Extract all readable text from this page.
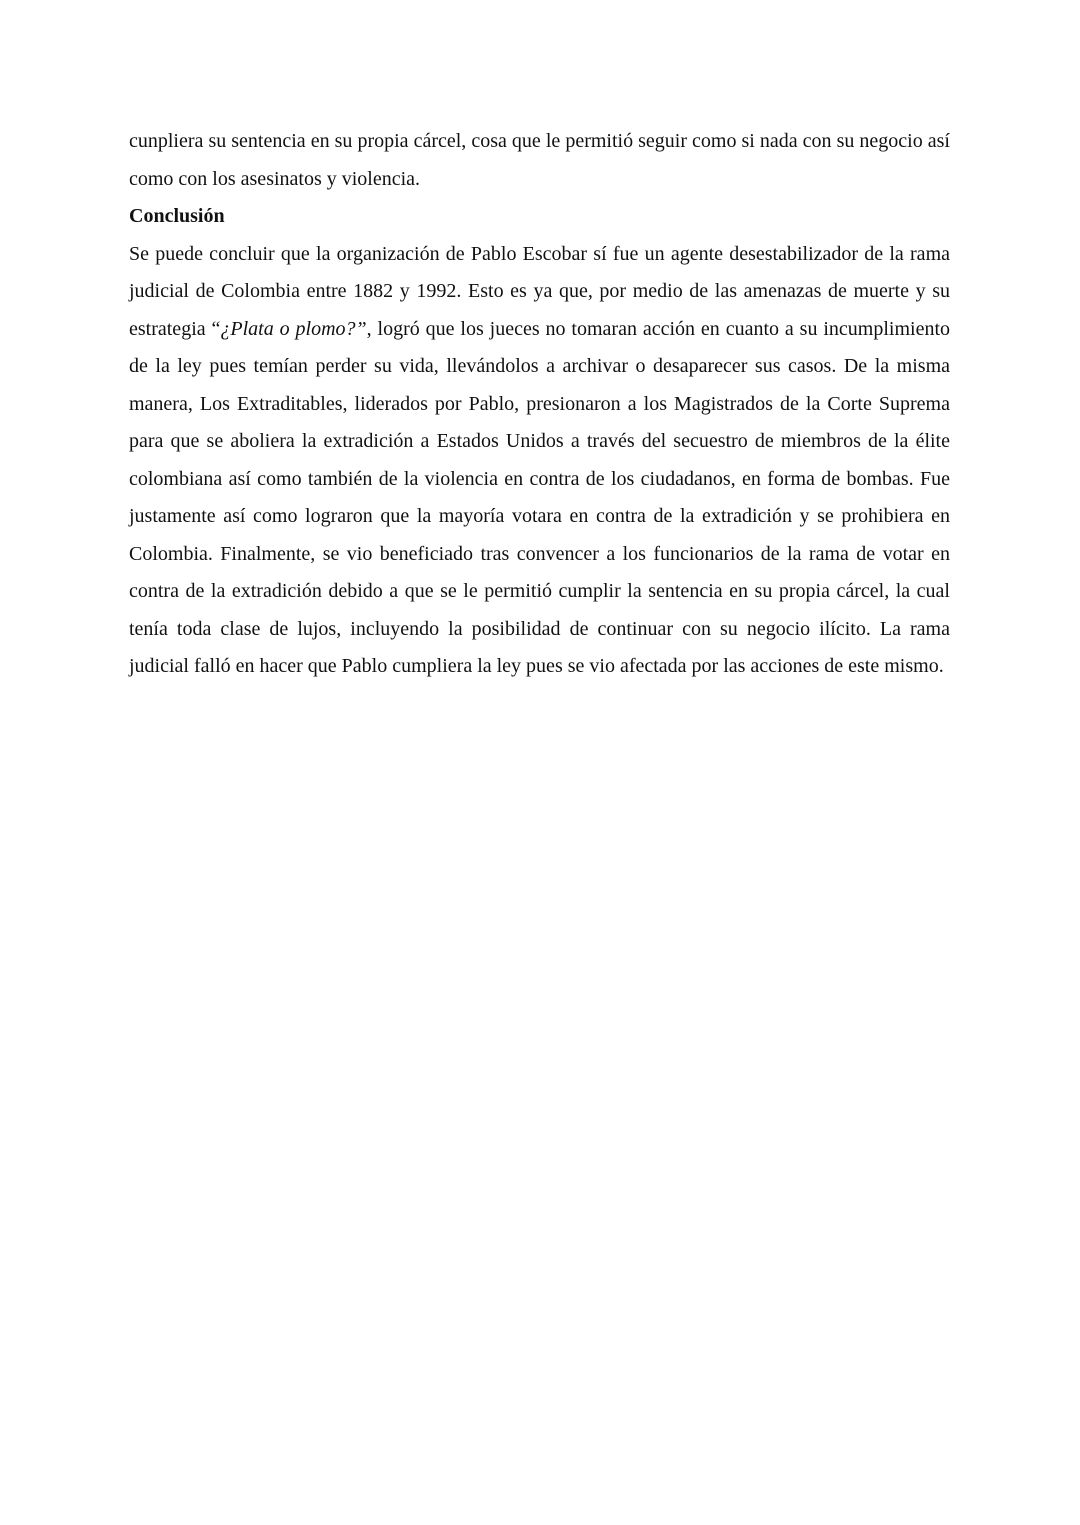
cunpliera su sentencia en su propia cárcel, cosa que le permitió seguir como si nada con su negocio así como con los asesinatos y violencia.

Conclusión

Se puede concluir que la organización de Pablo Escobar sí fue un agente desestabilizador de la rama judicial de Colombia entre 1882 y 1992. Esto es ya que, por medio de las amenazas de muerte y su estrategia “¿Plata o plomo?”, logró que los jueces no tomaran acción en cuanto a su incumplimiento de la ley pues temían perder su vida, llevándolos a archivar o desaparecer sus casos. De la misma manera, Los Extraditables, liderados por Pablo, presionaron a los Magistrados de la Corte Suprema para que se aboliera la extradición a Estados Unidos a través del secuestro de miembros de la élite colombiana así como también de la violencia en contra de los ciudadanos, en forma de bombas. Fue justamente así como lograron que la mayoría votara en contra de la extradición y se prohibiera en Colombia. Finalmente, se vio beneficiado tras convencer a los funcionarios de la rama de votar en contra de la extradición debido a que se le permitió cumplir la sentencia en su propia cárcel, la cual tenía toda clase de lujos, incluyendo la posibilidad de continuar con su negocio ilícito. La rama judicial falló en hacer que Pablo cumpliera la ley pues se vio afectada por las acciones de este mismo.
